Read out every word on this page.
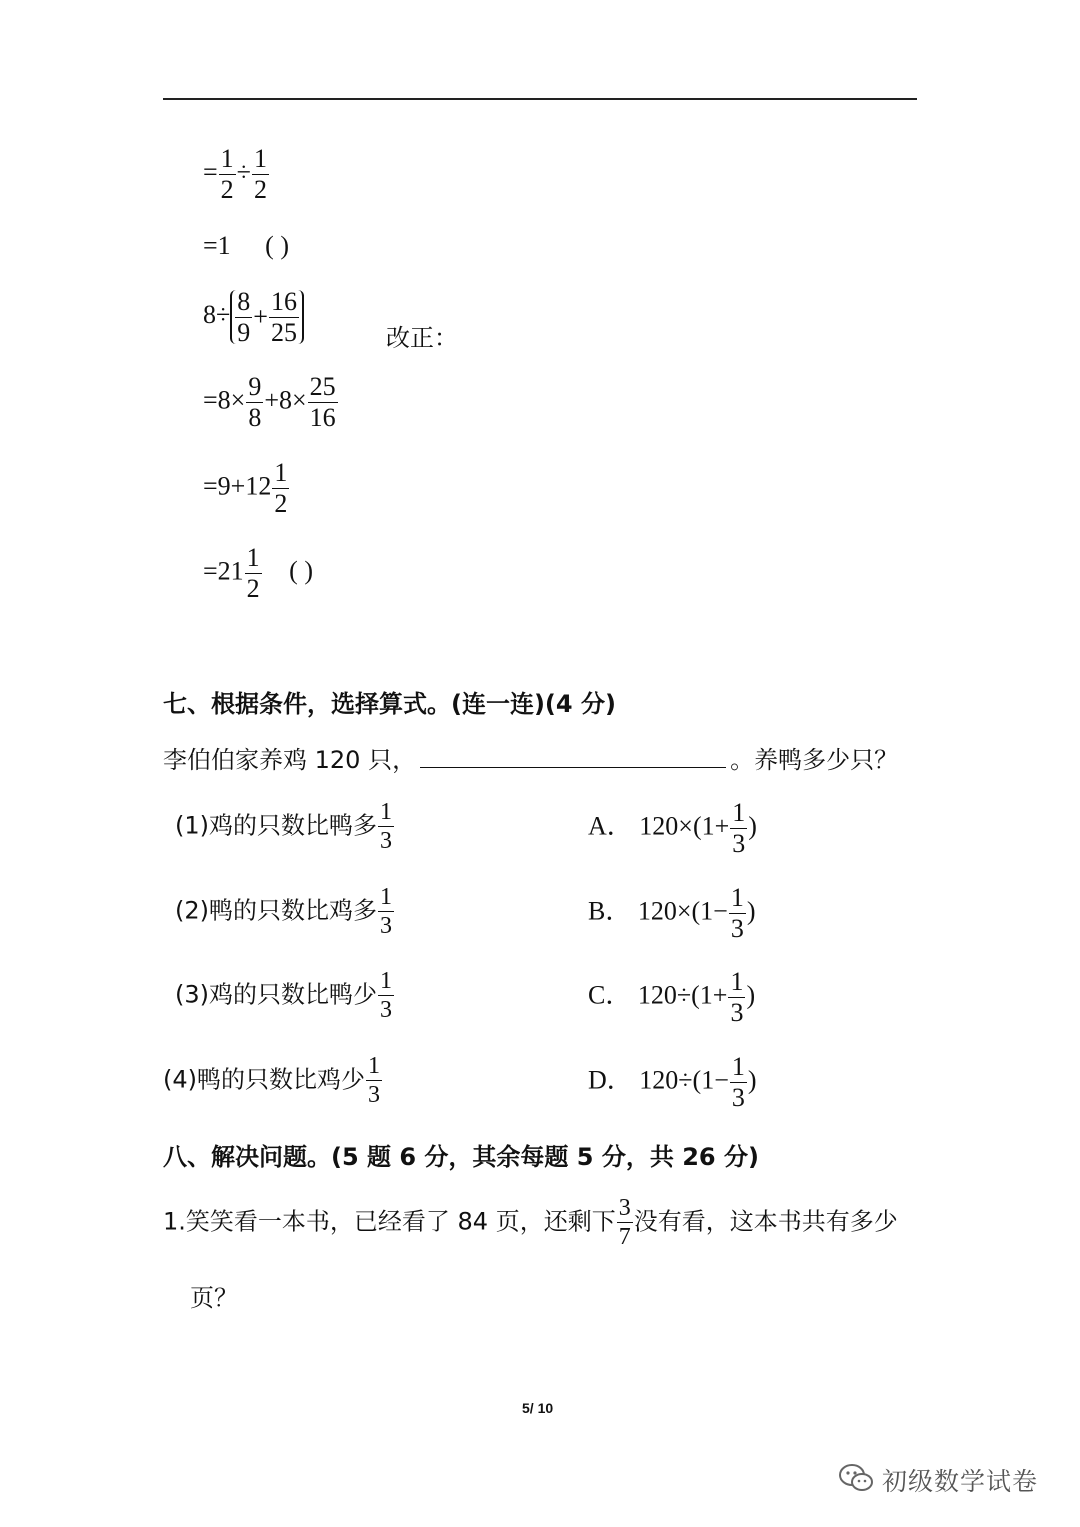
= $\frac{1}{2} \div \frac{1}{2}$
=1 ( )
$8\div \frac{8}{9} + \frac{16}{25}$	改正：
$=8\times \frac{9}{8} +8\times \frac{25}{16}$
$=9+12 \frac{1}{2}$
$=21 \frac{1}{2}$ ( )
七、根据条件，选择算式。(连一连)(4 分)
李伯伯家养鸡 120 只，	。养鸭多少只？
(1)鸡的只数比鸭多 $\frac{1}{3}$
(2)鸭的只数比鸡多 $\frac{1}{3}$
(3)鸡的只数比鸭少 $\frac{1}{3}$
(4)鸭的只数比鸡少 $\frac{1}{3}$
A． $120\times(1+ \frac{1}{3}$ )
B． $120\times(1- \frac{1}{3}$ )
C． $120\div(1+ \frac{1}{3}$ )
D． $120\div(1- \frac{1}{3}$ )
八、解决问题。(5 题 6 分，其余每题 5 分，共 26 分)
1.笑笑看一本书，已经看了 84 页，还剩下 $\frac{3}{7}$ 没有看，这本书共有多少
页？
5/ 10
初级数学试卷
